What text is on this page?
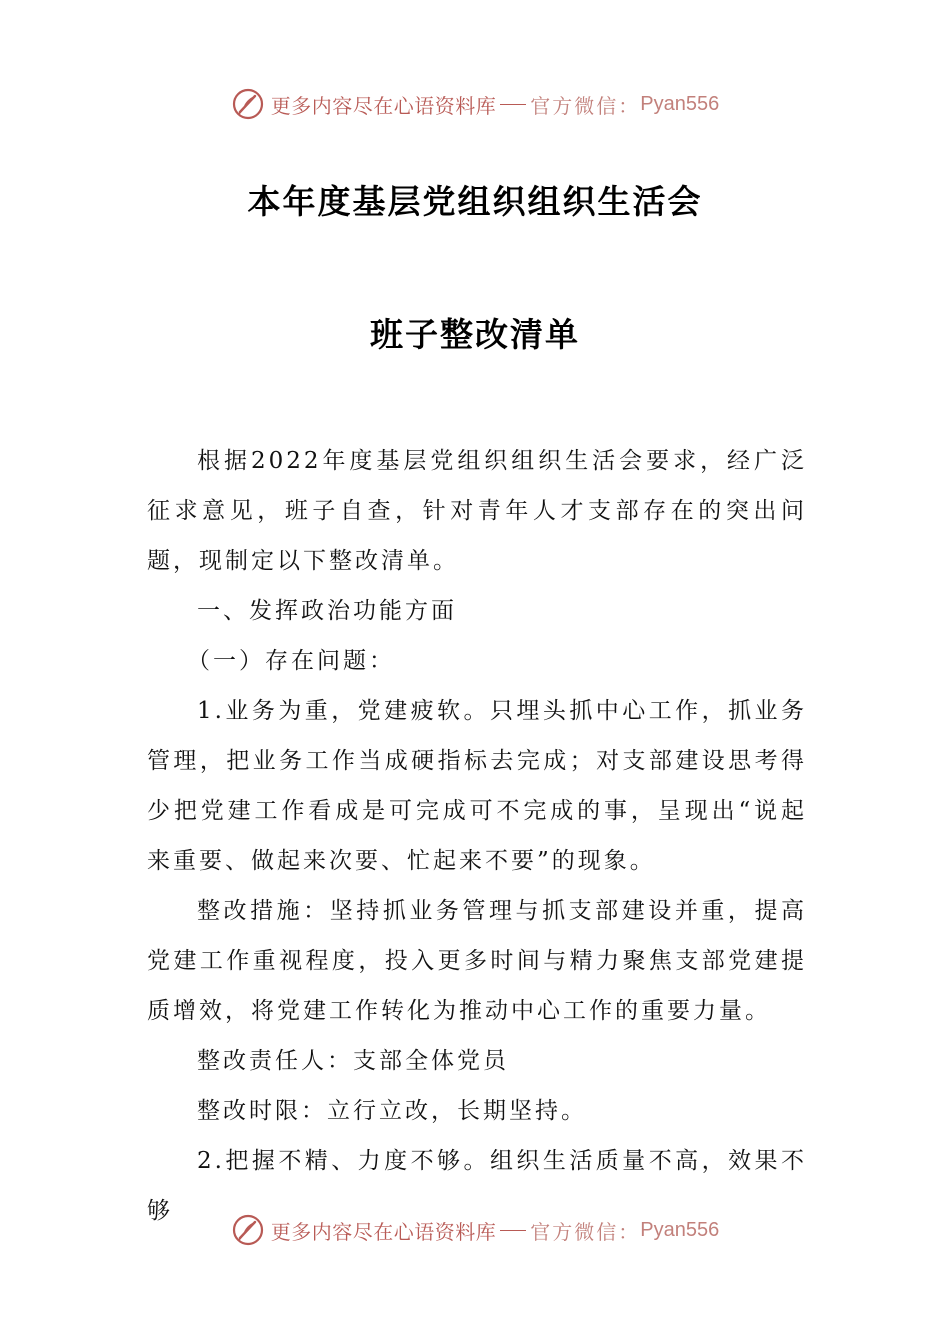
更多内容尽在心语资料库 官方微信： Pyan556
本年度基层党组织组织生活会
班子整改清单

根据2022年度基层党组织组织生活会要求，经广泛征求意见，班子自查，针对青年人才支部存在的突出问题，现制定以下整改清单。

一、发挥政治功能方面

（一）存在问题：

1.业务为重，党建疲软。只埋头抓中心工作，抓业务管理，把业务工作当成硬指标去完成；对支部建设思考得少把党建工作看成是可完成可不完成的事，呈现出“说起来重要、做起来次要、忙起来不要”的现象。

整改措施：坚持抓业务管理与抓支部建设并重，提高党建工作重视程度，投入更多时间与精力聚焦支部党建提质增效，将党建工作转化为推动中心工作的重要力量。

整改责任人：支部全体党员

整改时限：立行立改，长期坚持。

2.把握不精、力度不够。组织生活质量不高，效果不够

更多内容尽在心语资料库 官方微信： Pyan556
